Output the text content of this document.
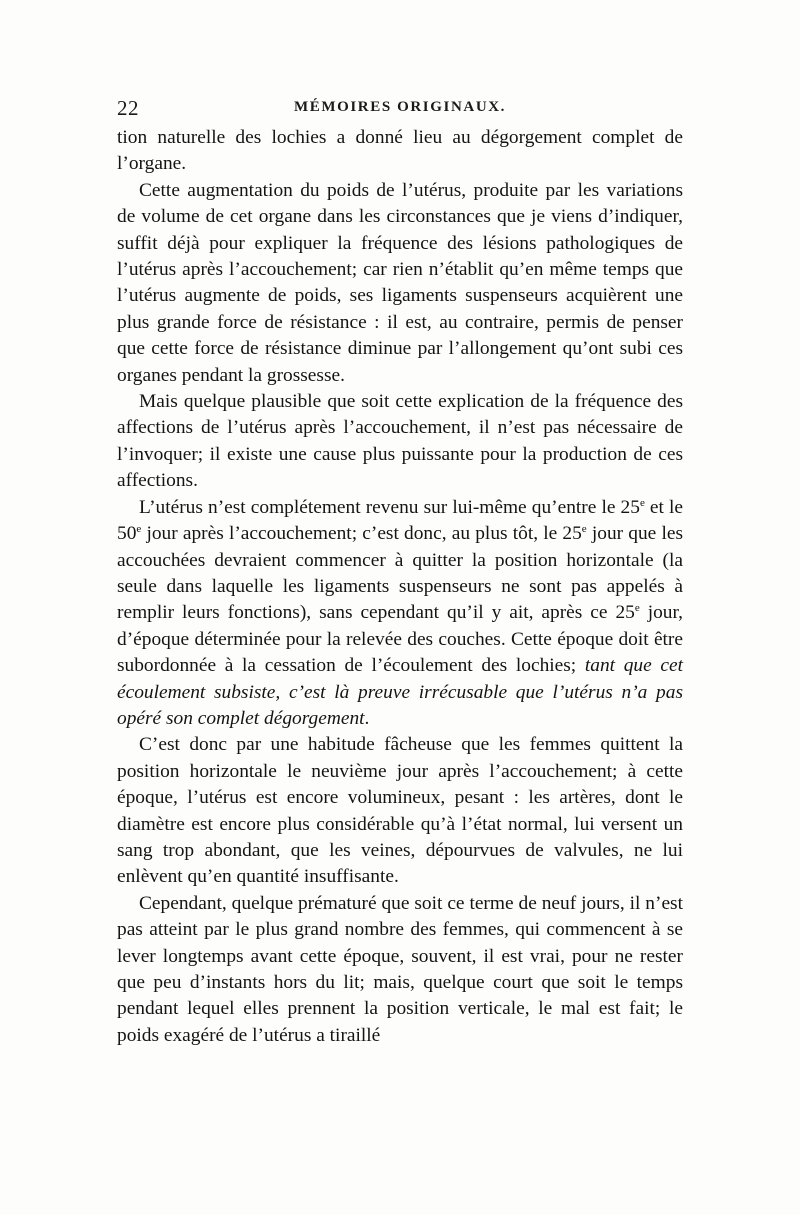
22	MÉMOIRES ORIGINAUX.

tion naturelle des lochies a donné lieu au dégorgement complet de l’organe.

Cette augmentation du poids de l’utérus, produite par les variations de volume de cet organe dans les circonstances que je viens d’indiquer, suffit déjà pour expliquer la fréquence des lésions pathologiques de l’utérus après l’accouchement; car rien n’établit qu’en même temps que l’utérus augmente de poids, ses ligaments suspenseurs acquièrent une plus grande force de résistance : il est, au contraire, permis de penser que cette force de résistance diminue par l’allongement qu’ont subi ces organes pendant la grossesse.

Mais quelque plausible que soit cette explication de la fréquence des affections de l’utérus après l’accouchement, il n’est pas nécessaire de l’invoquer; il existe une cause plus puissante pour la production de ces affections.

L’utérus n’est complétement revenu sur lui-même qu’entre le 25e et le 50e jour après l’accouchement; c’est donc, au plus tôt, le 25e jour que les accouchées devraient commencer à quitter la position horizontale (la seule dans laquelle les ligaments suspenseurs ne sont pas appelés à remplir leurs fonctions), sans cependant qu’il y ait, après ce 25e jour, d’époque déterminée pour la relevée des couches. Cette époque doit être subordonnée à la cessation de l’écoulement des lochies; tant que cet écoulement subsiste, c’est là preuve irrécusable que l’utérus n’a pas opéré son complet dégorgement.

C’est donc par une habitude fâcheuse que les femmes quittent la position horizontale le neuvième jour après l’accouchement; à cette époque, l’utérus est encore volumineux, pesant : les artères, dont le diamètre est encore plus considérable qu’à l’état normal, lui versent un sang trop abondant, que les veines, dépourvues de valvules, ne lui enlèvent qu’en quantité insuffisante.

Cependant, quelque prématuré que soit ce terme de neuf jours, il n’est pas atteint par le plus grand nombre des femmes, qui commencent à se lever longtemps avant cette époque, souvent, il est vrai, pour ne rester que peu d’instants hors du lit; mais, quelque court que soit le temps pendant lequel elles prennent la position verticale, le mal est fait; le poids exagéré de l’utérus a tiraillé
